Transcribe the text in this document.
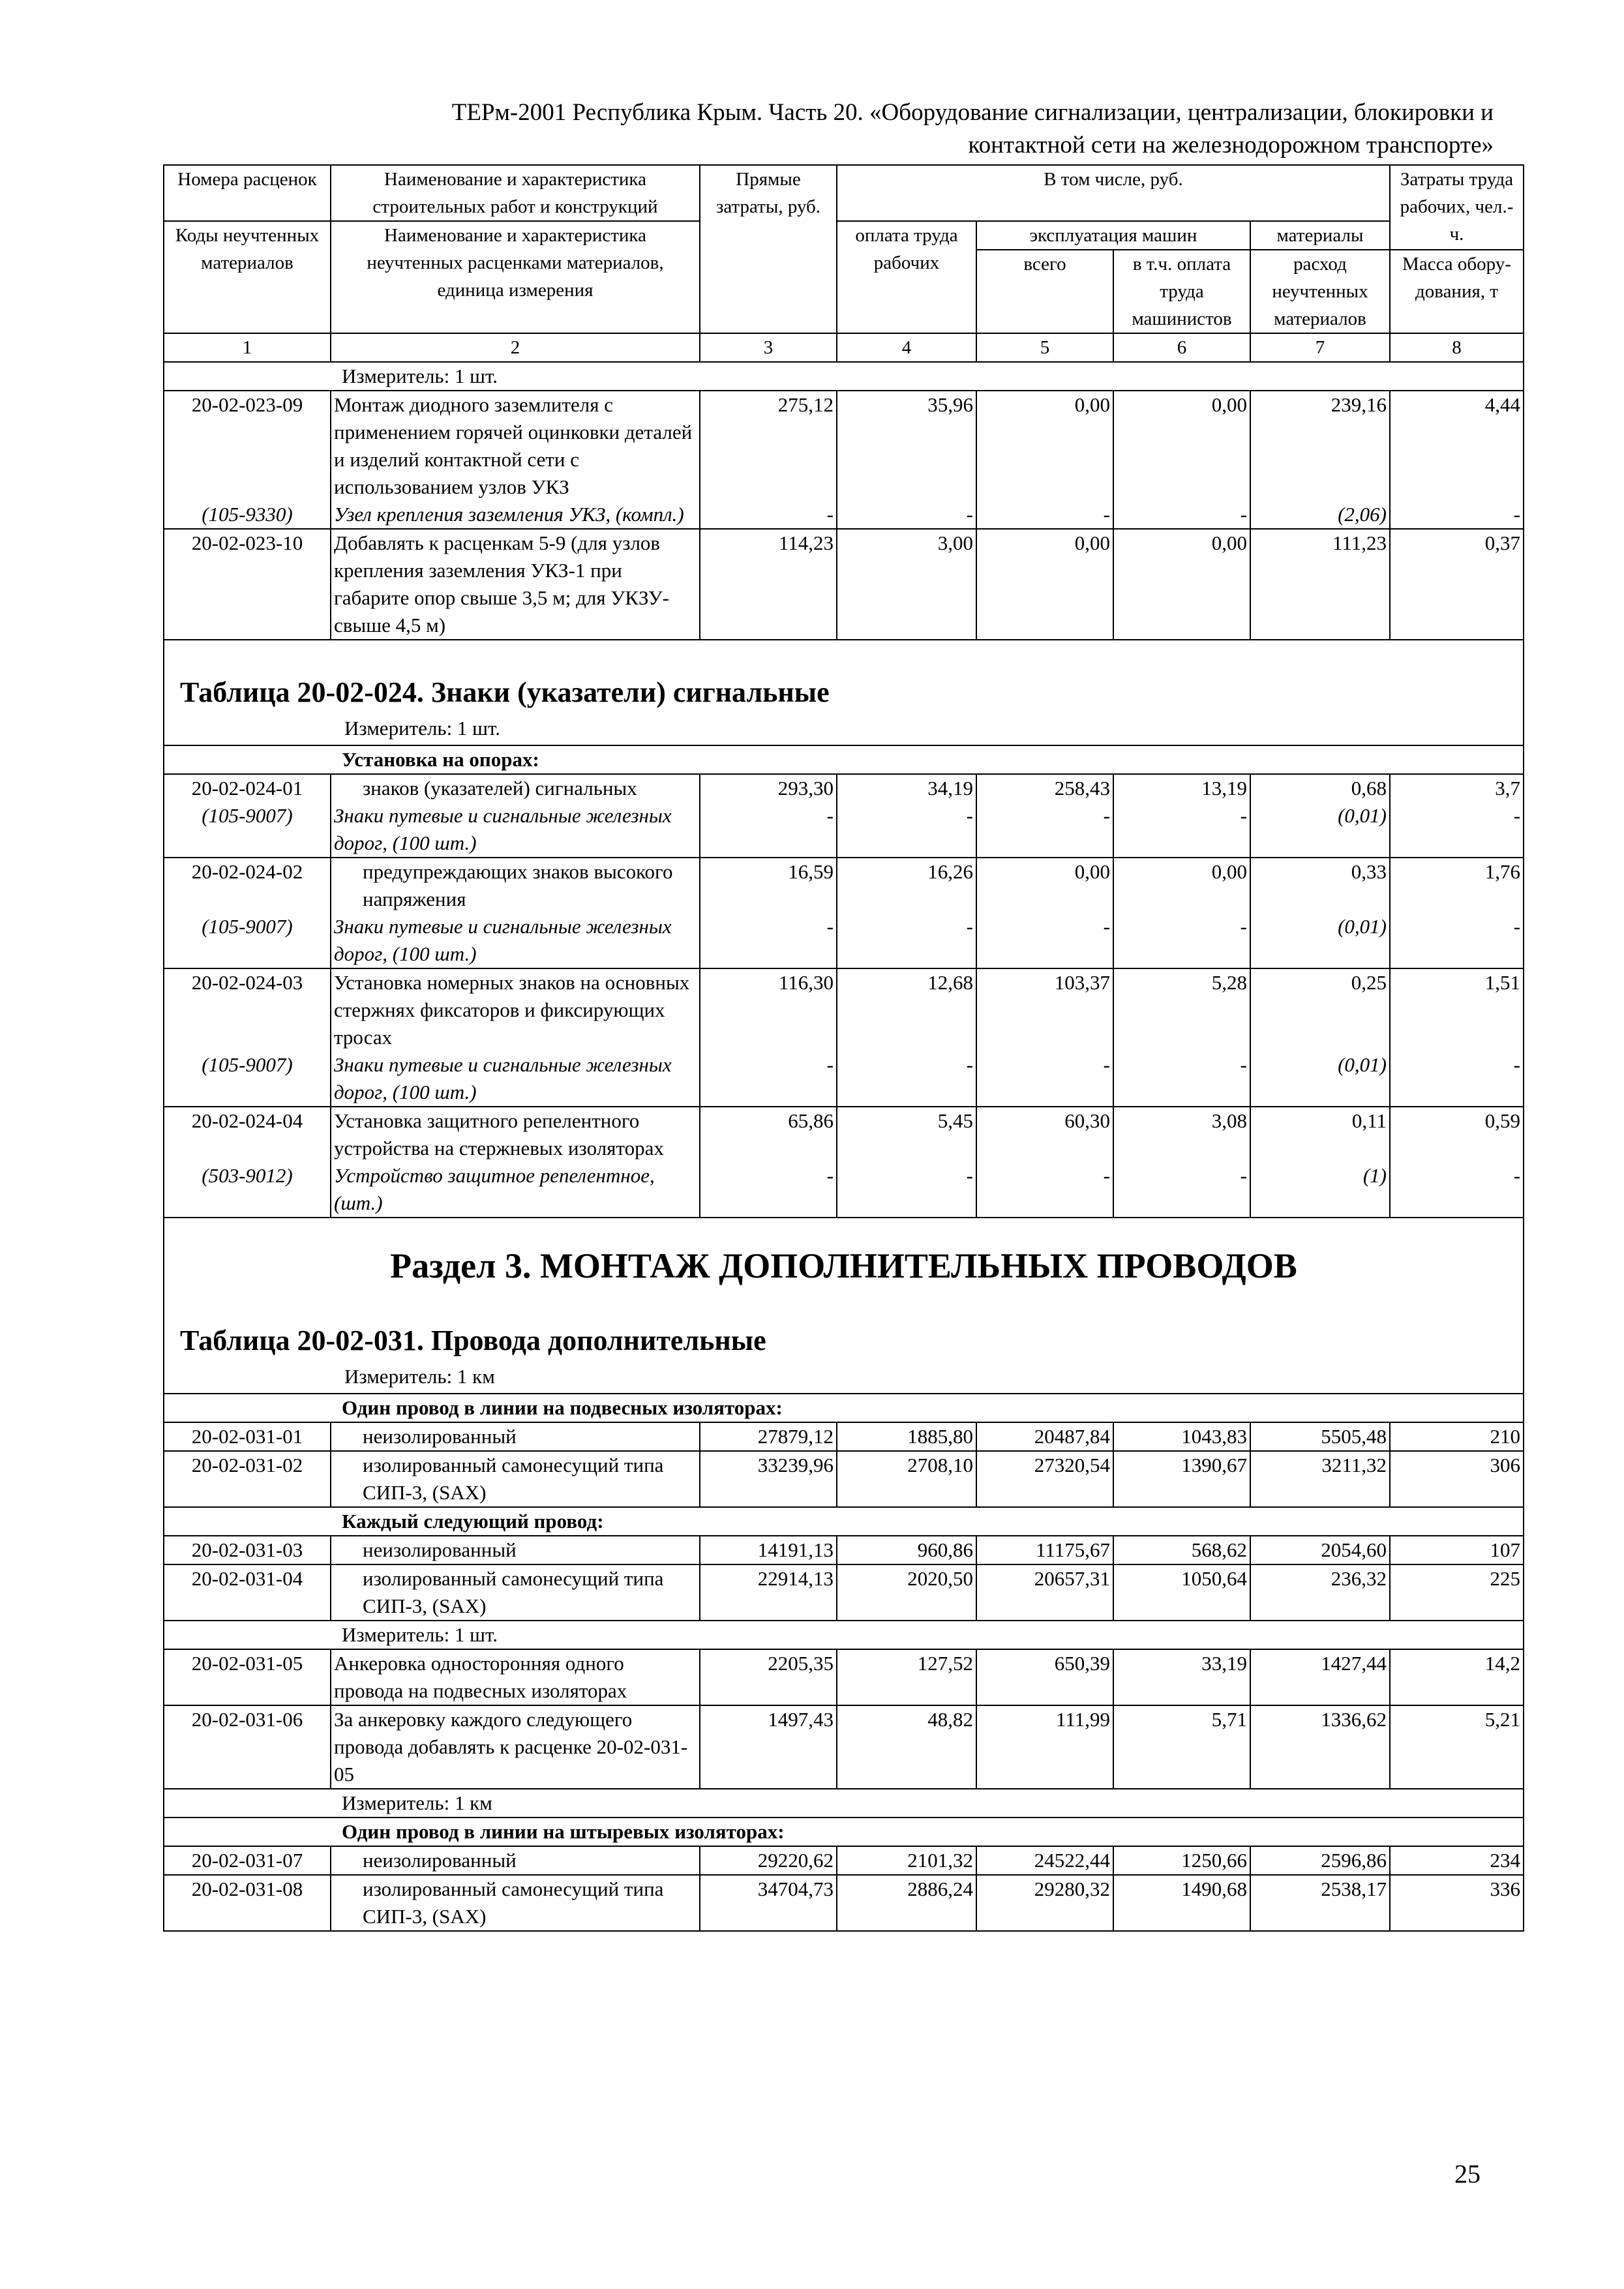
ТЕРм-2001 Республика Крым. Часть 20. «Оборудование сигнализации, централизации, блокировки и
контактной сети на железнодорожном транспорте»
Номера расценок	Наименование и характеристика строительных работ и конструкций	Прямые затраты, руб.	В том числе, руб.				Затраты труда рабочих, чел.-ч.
Коды неучтенных материалов	Наименование и характеристика неучтенных расценками материалов, единица измерения		оплата труда рабочих	эксплуатация машин		материалы	
				всего	в т.ч. оплата труда машинистов	расход неучтенных материалов	Масса обору-дования, т
1	2	3	4	5	6	7	8
Измеритель: 1 шт.							
20-02-023-09	Монтаж диодного заземлителя с применением горячей оцинковки деталей и изделий контактной сети с использованием узлов УКЗ	275,12	35,96	0,00	0,00	239,16	4,44
(105-9330)	Узел крепления заземления УКЗ, (компл.)	-	-	-	-	(2,06)	-
20-02-023-10	Добавлять к расценкам 5-9 (для узлов крепления заземления УКЗ-1 при габарите опор свыше 3,5 м; для УКЗУ-свыше 4,5 м)	114,23	3,00	0,00	0,00	111,23	0,37

Таблица 20-02-024. Знаки (указатели) сигнальные
Измеритель: 1 шт.							

Установка на опорах:							
20-02-024-01	знаков (указателей) сигнальных	293,30	34,19	258,43	13,19	0,68	3,7
(105-9007)	Знаки путевые и сигнальные железных дорог, (100 шт.)	-	-	-	-	(0,01)	-
20-02-024-02	предупреждающих знаков высокого напряжения	16,59	16,26	0,00	0,00	0,33	1,76
(105-9007)	Знаки путевые и сигнальные железных дорог, (100 шт.)	-	-	-	-	(0,01)	-
20-02-024-03	Установка номерных знаков на основных стержнях фиксаторов и фиксирующих тросах	116,30	12,68	103,37	5,28	0,25	1,51
(105-9007)	Знаки путевые и сигнальные железных дорог, (100 шт.)	-	-	-	-	(0,01)	-
20-02-024-04	Установка защитного репелентного устройства на стержневых изоляторах	65,86	5,45	60,30	3,08	0,11	0,59
(503-9012)	Устройство защитное репелентное, (шт.)	-	-	-	-	(1)	-

Раздел 3. МОНТАЖ ДОПОЛНИТЕЛЬНЫХ ПРОВОДОВ
Таблица 20-02-031. Провода дополнительные
Измеритель: 1 км							

Один провод в линии на подвесных изоляторах:							
20-02-031-01	неизолированный	27879,12	1885,80	20487,84	1043,83	5505,48	210
20-02-031-02	изолированный самонесущий типа СИП-3, (SAX)	33239,96	2708,10	27320,54	1390,67	3211,32	306
Каждый следующий провод:							
20-02-031-03	неизолированный	14191,13	960,86	11175,67	568,62	2054,60	107
20-02-031-04	изолированный самонесущий типа СИП-3, (SAX)	22914,13	2020,50	20657,31	1050,64	236,32	225
Измеритель: 1 шт.							
20-02-031-05	Анкеровка односторонняя одного провода на подвесных изоляторах	2205,35	127,52	650,39	33,19	1427,44	14,2
20-02-031-06	За анкеровку каждого следующего провода добавлять к расценке 20-02-031-05	1497,43	48,82	111,99	5,71	1336,62	5,21
Измеритель: 1 км							
Один провод в линии на штыревых изоляторах:							
20-02-031-07	неизолированный	29220,62	2101,32	24522,44	1250,66	2596,86	234
20-02-031-08	изолированный самонесущий типа СИП-3, (SAX)	34704,73	2886,24	29280,32	1490,68	2538,17	336
25
